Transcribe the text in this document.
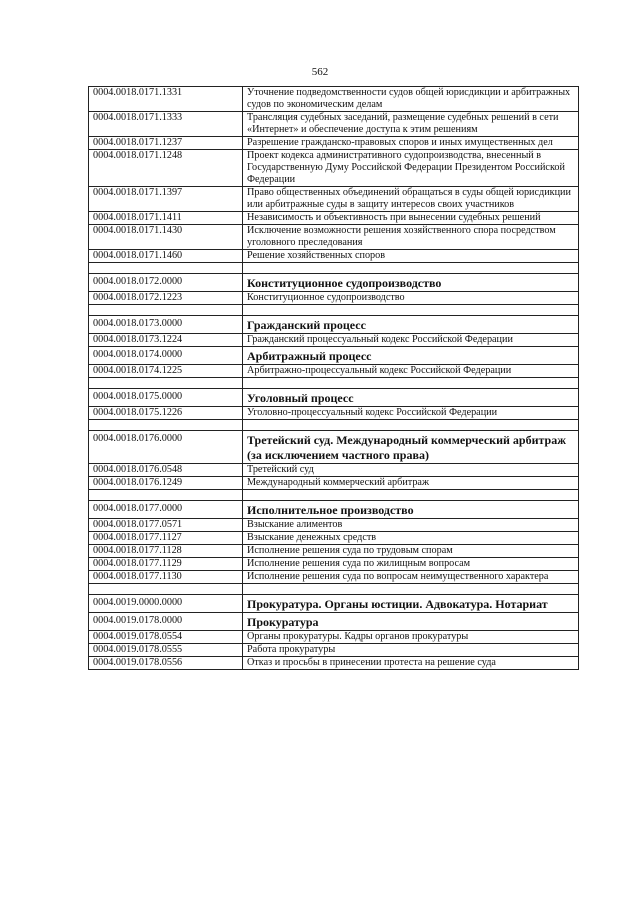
562
0004.0018.0171.1331	Уточнение подведомственности судов общей юрисдикции и арбитражных судов по экономическим делам
0004.0018.0171.1333	Трансляция судебных заседаний, размещение судебных решений в сети «Интернет» и обеспечение доступа к этим решениям
0004.0018.0171.1237	Разрешение гражданско-правовых споров и иных имущественных дел
0004.0018.0171.1248	Проект кодекса административного судопроизводства, внесенный в Государственную Думу Российской Федерации Президентом Российской Федерации
0004.0018.0171.1397	Право общественных объединений обращаться в суды общей юрисдикции или арбитражные суды в защиту интересов своих участников
0004.0018.0171.1411	Независимость и объективность при вынесении судебных решений
0004.0018.0171.1430	Исключение возможности решения хозяйственного спора посредством уголовного преследования
0004.0018.0171.1460	Решение хозяйственных споров

0004.0018.0172.0000	Конституционное судопроизводство
0004.0018.0172.1223	Конституционное судопроизводство

0004.0018.0173.0000	Гражданский процесс
0004.0018.0173.1224	Гражданский процессуальный кодекс Российской Федерации
0004.0018.0174.0000	Арбитражный процесс
0004.0018.0174.1225	Арбитражно-процессуальный кодекс Российской Федерации

0004.0018.0175.0000	Уголовный процесс
0004.0018.0175.1226	Уголовно-процессуальный кодекс Российской Федерации

0004.0018.0176.0000	Третейский суд. Международный коммерческий арбитраж (за исключением частного права)
0004.0018.0176.0548	Третейский суд
0004.0018.0176.1249	Международный коммерческий арбитраж

0004.0018.0177.0000	Исполнительное производство
0004.0018.0177.0571	Взыскание алиментов
0004.0018.0177.1127	Взыскание денежных средств
0004.0018.0177.1128	Исполнение решения суда по трудовым спорам
0004.0018.0177.1129	Исполнение решения суда по жилищным вопросам
0004.0018.0177.1130	Исполнение решения суда по вопросам неимущественного характера

0004.0019.0000.0000	Прокуратура. Органы юстиции. Адвокатура. Нотариат
0004.0019.0178.0000	Прокуратура
0004.0019.0178.0554	Органы прокуратуры. Кадры органов прокуратуры
0004.0019.0178.0555	Работа прокуратуры
0004.0019.0178.0556	Отказ и просьбы в принесении протеста на решение суда
